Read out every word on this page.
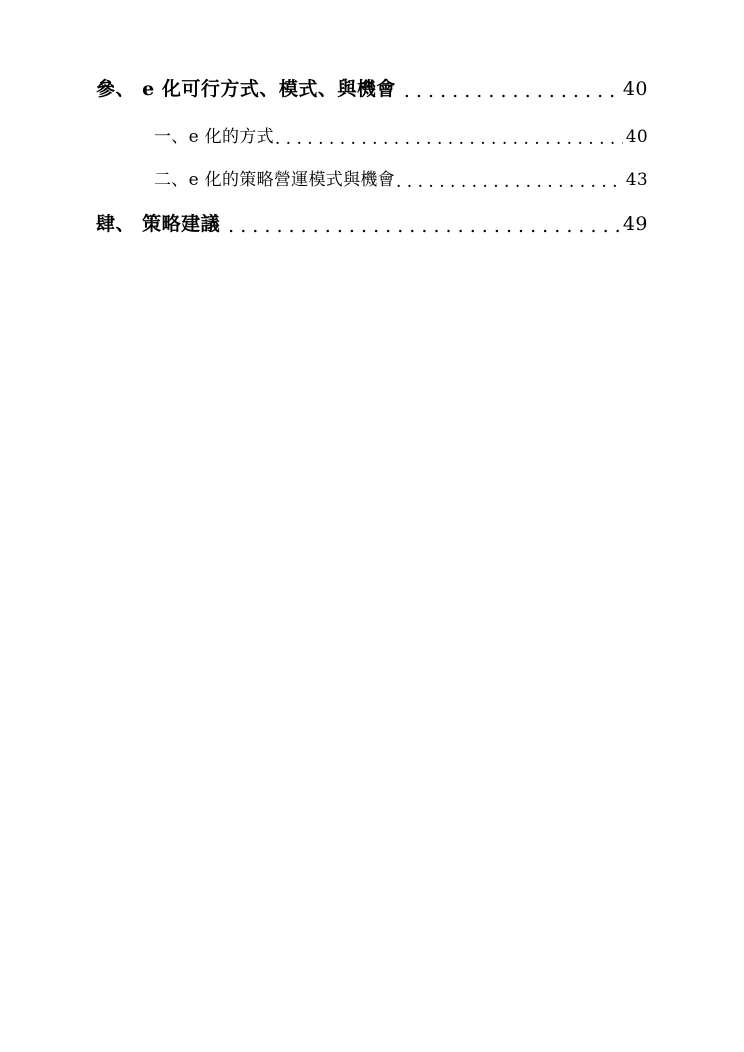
參、 e 化可行方式、模式、與機會 . . .	40
一、e 化的方式 . . .	40
二、e 化的策略營運模式與機會 . . .	43
肆、 策略建議 . . .	49
